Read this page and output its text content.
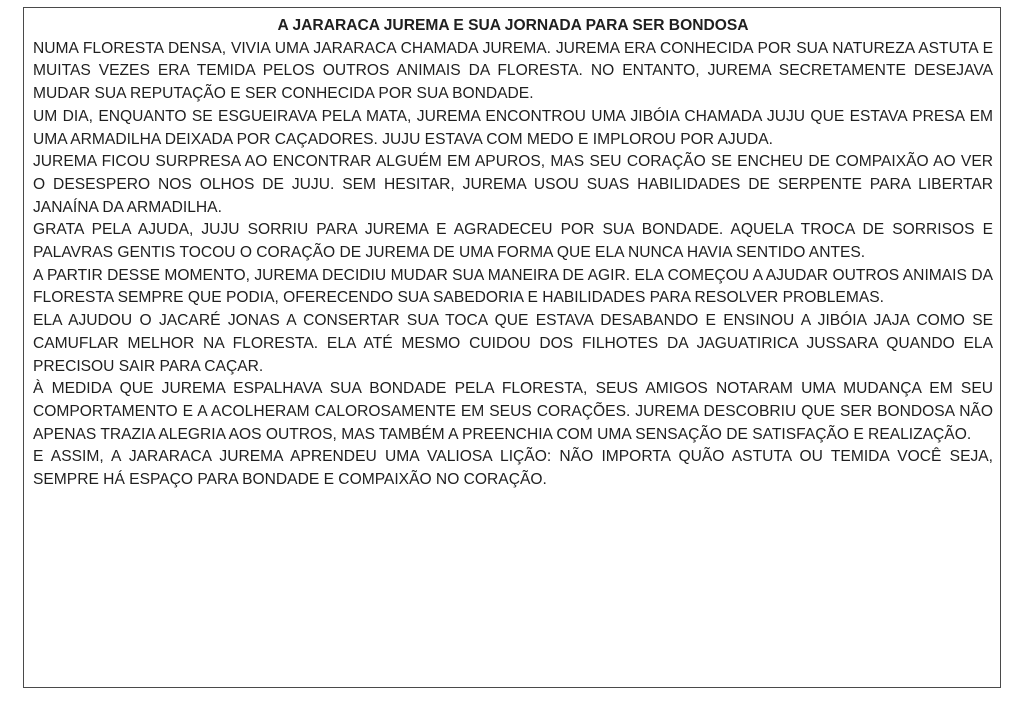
A JARARACA JUREMA E SUA JORNADA PARA SER BONDOSA

NUMA FLORESTA DENSA, VIVIA UMA JARARACA CHAMADA JUREMA. JUREMA ERA CONHECIDA POR SUA NATUREZA ASTUTA E MUITAS VEZES ERA TEMIDA PELOS OUTROS ANIMAIS DA FLORESTA. NO ENTANTO, JUREMA SECRETAMENTE DESEJAVA MUDAR SUA REPUTAÇÃO E SER CONHECIDA POR SUA BONDADE.

UM DIA, ENQUANTO SE ESGUEIRAVA PELA MATA, JUREMA ENCONTROU UMA JIBÓIA CHAMADA JUJU QUE ESTAVA PRESA EM UMA ARMADILHA DEIXADA POR CAÇADORES. JUJU ESTAVA COM MEDO E IMPLOROU POR AJUDA.

JUREMA FICOU SURPRESA AO ENCONTRAR ALGUÉM EM APUROS, MAS SEU CORAÇÃO SE ENCHEU DE COMPAIXÃO AO VER O DESESPERO NOS OLHOS DE JUJU. SEM HESITAR, JUREMA USOU SUAS HABILIDADES DE SERPENTE PARA LIBERTAR JANAÍNA DA ARMADILHA.

GRATA PELA AJUDA, JUJU SORRIU PARA JUREMA E AGRADECEU POR SUA BONDADE. AQUELA TROCA DE SORRISOS E PALAVRAS GENTIS TOCOU O CORAÇÃO DE JUREMA DE UMA FORMA QUE ELA NUNCA HAVIA SENTIDO ANTES.

A PARTIR DESSE MOMENTO, JUREMA DECIDIU MUDAR SUA MANEIRA DE AGIR. ELA COMEÇOU A AJUDAR OUTROS ANIMAIS DA FLORESTA SEMPRE QUE PODIA, OFERECENDO SUA SABEDORIA E HABILIDADES PARA RESOLVER PROBLEMAS.

ELA AJUDOU O JACARÉ JONAS A CONSERTAR SUA TOCA QUE ESTAVA DESABANDO E ENSINOU A JIBÓIA JAJA COMO SE CAMUFLAR MELHOR NA FLORESTA. ELA ATÉ MESMO CUIDOU DOS FILHOTES DA JAGUATIRICA JUSSARA QUANDO ELA PRECISOU SAIR PARA CAÇAR.

À MEDIDA QUE JUREMA ESPALHAVA SUA BONDADE PELA FLORESTA, SEUS AMIGOS NOTARAM UMA MUDANÇA EM SEU COMPORTAMENTO E A ACOLHERAM CALOROSAMENTE EM SEUS CORAÇÕES. JUREMA DESCOBRIU QUE SER BONDOSA NÃO APENAS TRAZIA ALEGRIA AOS OUTROS, MAS TAMBÉM A PREENCHIA COM UMA SENSAÇÃO DE SATISFAÇÃO E REALIZAÇÃO.

E ASSIM, A JARARACA JUREMA APRENDEU UMA VALIOSA LIÇÃO: NÃO IMPORTA QUÃO ASTUTA OU TEMIDA VOCÊ SEJA, SEMPRE HÁ ESPAÇO PARA BONDADE E COMPAIXÃO NO CORAÇÃO.
